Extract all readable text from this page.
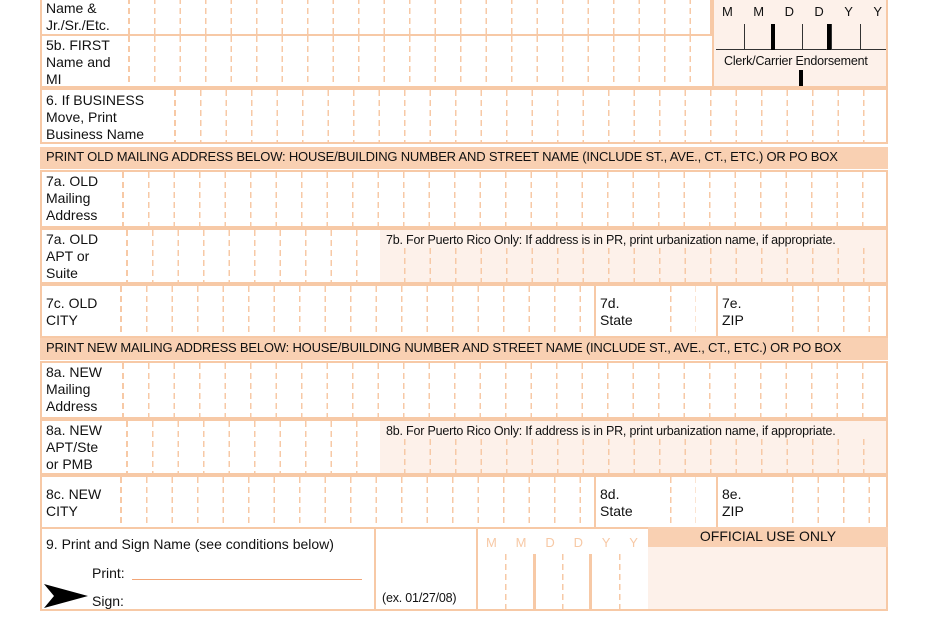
Name &
Jr./Sr./Etc.
M M D D Y Y
Clerk/Carrier Endorsement
5b. FIRST
Name and
MI
6. If BUSINESS
Move, Print
Business Name
PRINT OLD MAILING ADDRESS BELOW: HOUSE/BUILDING NUMBER AND STREET NAME (INCLUDE ST., AVE., CT., ETC.) OR PO BOX
7a. OLD
Mailing
Address
7a. OLD
APT or
Suite
7b. For Puerto Rico Only: If address is in PR, print urbanization name, if appropriate.
7c. OLD
CITY
7d.
State
7e.
ZIP
PRINT NEW MAILING ADDRESS BELOW: HOUSE/BUILDING NUMBER AND STREET NAME (INCLUDE ST., AVE., CT., ETC.) OR PO BOX
8a. NEW
Mailing
Address
8a. NEW
APT/Ste
or PMB
8b. For Puerto Rico Only: If address is in PR, print urbanization name, if appropriate.
8c. NEW
CITY
8d.
State
8e.
ZIP
9. Print and Sign Name (see conditions below)
Print:
Sign:	(ex. 01/27/08)
M M D D Y Y	OFFICIAL USE ONLY
